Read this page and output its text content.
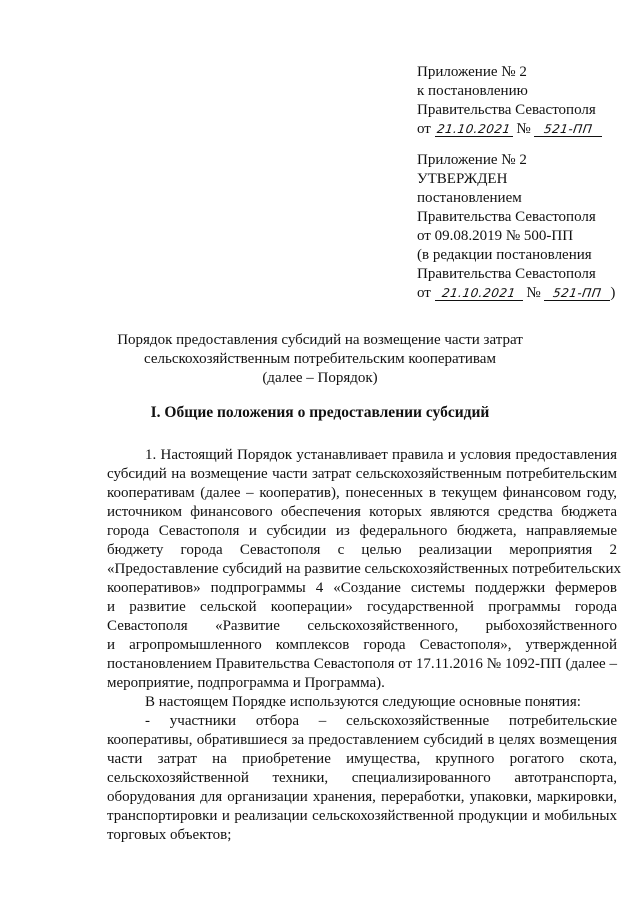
Приложение № 2
к постановлению
Правительства Севастополя
от 21.10.2021 № 521-ПП
Приложение № 2
УТВЕРЖДЕН
постановлением
Правительства Севастополя
от 09.08.2019 № 500-ПП
(в редакции постановления
Правительства Севастополя
от 21.10.2021 № 521-ПП )
Порядок предоставления субсидий на возмещение части затрат
сельскохозяйственным потребительским кооперативам
(далее – Порядок)
I. Общие положения о предоставлении субсидий
1. Настоящий Порядок устанавливает правила и условия предоставления
субсидий на возмещение части затрат сельскохозяйственным потребительским
кооперативам (далее – кооператив), понесенных в текущем финансовом году,
источником финансового обеспечения которых являются средства бюджета
города Севастополя и субсидии из федерального бюджета, направляемые
бюджету города Севастополя с целью реализации мероприятия 2
«Предоставление субсидий на развитие сельскохозяйственных потребительских
кооперативов» подпрограммы 4 «Создание системы поддержки фермеров
и развитие сельской кооперации» государственной программы города
Севастополя «Развитие сельскохозяйственного, рыбохозяйственного
и агропромышленного комплексов города Севастополя», утвержденной
постановлением Правительства Севастополя от 17.11.2016 № 1092-ПП (далее –
мероприятие, подпрограмма и Программа).
В настоящем Порядке используются следующие основные понятия:
- участники отбора – сельскохозяйственные потребительские
кооперативы, обратившиеся за предоставлением субсидий в целях возмещения
части затрат на приобретение имущества, крупного рогатого скота,
сельскохозяйственной техники, специализированного автотранспорта,
оборудования для организации хранения, переработки, упаковки, маркировки,
транспортировки и реализации сельскохозяйственной продукции и мобильных
торговых объектов;
